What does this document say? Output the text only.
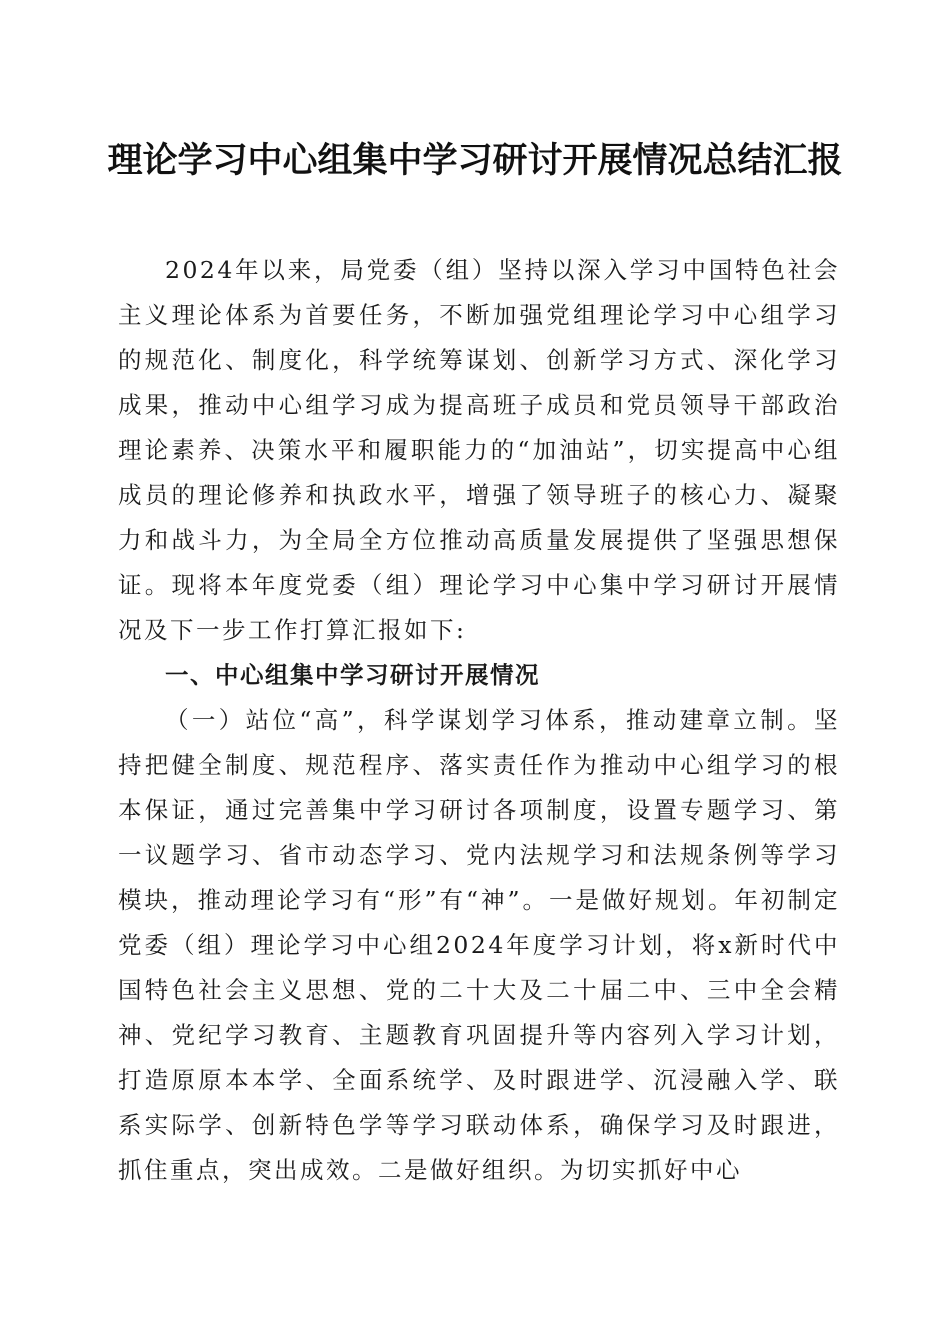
理论学习中心组集中学习研讨开展情况总结汇报

2024年以来，局党委（组）坚持以深入学习中国特色社会主义理论体系为首要任务，不断加强党组理论学习中心组学习的规范化、制度化，科学统筹谋划、创新学习方式、深化学习成果，推动中心组学习成为提高班子成员和党员领导干部政治理论素养、决策水平和履职能力的“加油站”，切实提高中心组成员的理论修养和执政水平，增强了领导班子的核心力、凝聚力和战斗力，为全局全方位推动高质量发展提供了坚强思想保证。现将本年度党委（组）理论学习中心集中学习研讨开展情况及下一步工作打算汇报如下:

一、中心组集中学习研讨开展情况

（一）站位“高”，科学谋划学习体系，推动建章立制。坚持把健全制度、规范程序、落实责任作为推动中心组学习的根本保证，通过完善集中学习研讨各项制度，设置专题学习、第一议题学习、省市动态学习、党内法规学习和法规条例等学习模块，推动理论学习有“形”有“神”。一是做好规划。年初制定党委（组）理论学习中心组2024年度学习计划，将x新时代中国特色社会主义思想、党的二十大及二十届二中、三中全会精神、党纪学习教育、主题教育巩固提升等内容列入学习计划，打造原原本本学、全面系统学、及时跟进学、沉浸融入学、联系实际学、创新特色学等学习联动体系，确保学习及时跟进，抓住重点，突出成效。二是做好组织。为切实抓好中心
